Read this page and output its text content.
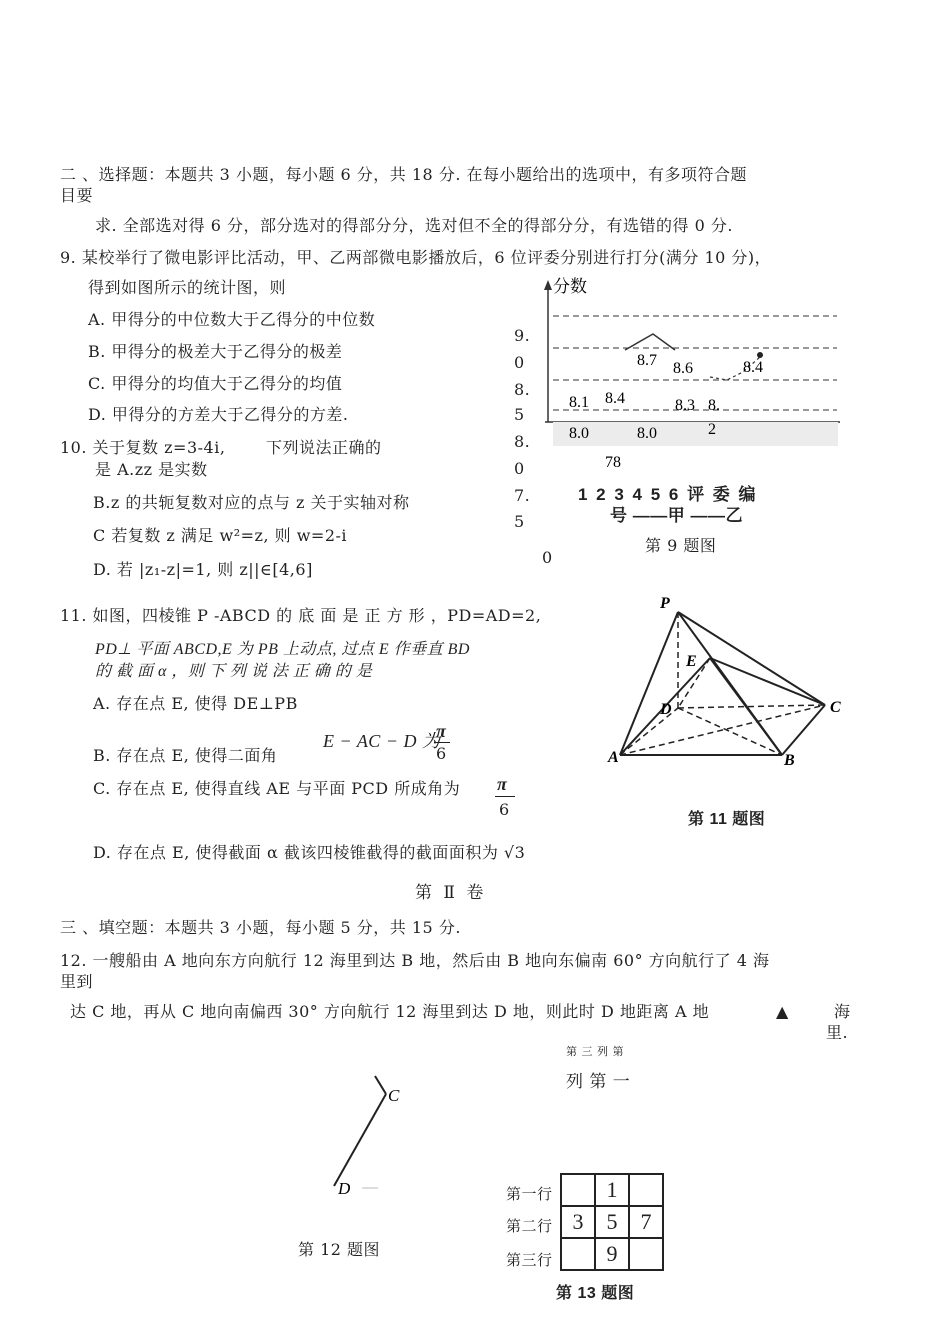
二 、选择题：本题共 3 小题，每小题 6 分，共 18 分. 在每小题给出的选项中，有多项符合题
目要
求. 全部选对得 6 分，部分选对的得部分分，选对但不全的得部分分，有选错的得 0 分.
9. 某校举行了微电影评比活动，甲、乙两部微电影播放后，6 位评委分别进行打分(满分 10 分)，
得到如图所示的统计图，则
A. 甲得分的中位数大于乙得分的中位数
B. 甲得分的极差大于乙得分的极差
C. 甲得分的均值大于乙得分的均值
D. 甲得分的方差大于乙得分的方差.
分数
8.7 8.6	8.4
8.1 8.4	8.3 8.
8.0	8.0	2
78
9.
0
8.
5
8.
0
7.
5
0
1 2 3 4 5 6 评 委 编
号 ——甲 ——乙
第 9 题图
10. 关于复数 z=3-4i,	下列说法正确的
是 A.zz 是实数
B.z 的共轭复数对应的点与 z 关于实轴对称
C 若复数 z 满足 w²=z, 则 w=2-i
D. 若 |z₁-z|=1, 则 z||∈[4,6]
11. 如图，四棱锥 P -ABCD 的 底 面 是 正 方 形 ，PD=AD=2,
PD⊥ 平面 ABCD,E 为 PB 上动点, 过点 E 作垂直 BD
的 截 面 α ，则 下 列 说 法 正 确 的 是
A. 存在点 E, 使得 DE⊥PB
B. 存在点 E, 使得二面角
E − AC − D 为
π
6
C. 存在点 E, 使得直线 AE 与平面 PCD 所成角为 π
6
D. 存在点 E, 使得截面 α 截该四棱锥截得的截面面积为 √3
P
E
D	C
A	B
第 11 题图
第 Ⅱ 卷
三 、填空题：本题共 3 小题，每小题 5 分，共 15 分.
12. 一艘船由 A 地向东方向航行 12 海里到达 B 地，然后由 B 地向东偏南 60° 方向航行了 4 海
里到
达 C 地，再从 C 地向南偏西 30° 方向航行 12 海里到达 D 地，则此时 D 地距离 A 地	▲	海
里.
C
D
第 12 题图
第 三 列 第
列 第 一
第一行
第二行
第三行
	1	
3	5	7
	9	
第 13 题图
